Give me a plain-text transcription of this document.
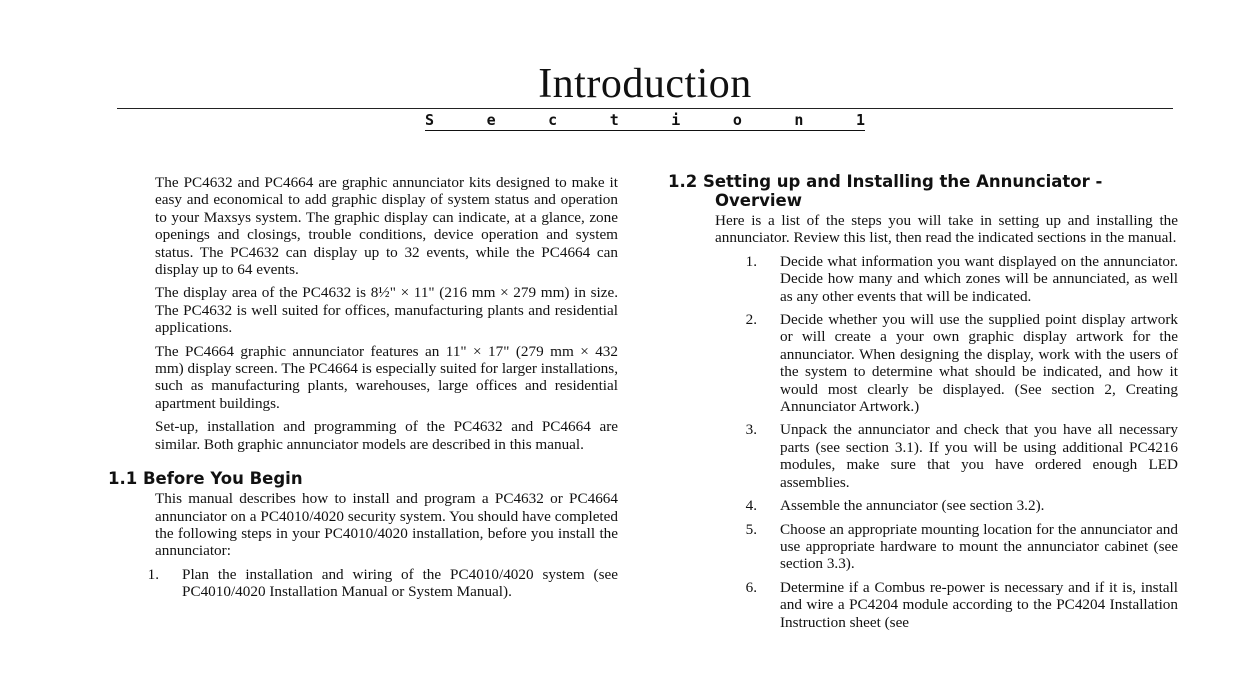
Introduction
S	e	c	t	i	o	n	1

The PC4632 and PC4664 are graphic annunciator kits designed to make it easy and economical to add graphic display of system status and operation to your Maxsys system. The graphic display can indicate, at a glance, zone openings and closings, trouble conditions, device operation and system status. The PC4632 can display up to 32 events, while the PC4664 can display up to 64 events.

The display area of the PC4632 is 8½" × 11" (216 mm × 279 mm) in size. The PC4632 is well suited for offices, manufacturing plants and residential applications.

The PC4664 graphic annunciator features an 11" × 17" (279 mm × 432 mm) display screen. The PC4664 is especially suited for larger installations, such as manufacturing plants, warehouses, large offices and residential apartment buildings.

Set-up, installation and programming of the PC4632 and PC4664 are similar. Both graphic annunciator models are described in this manual.

1.1 Before You Begin

This manual describes how to install and program a PC4632 or PC4664 annunciator on a PC4010/4020 security system. You should have completed the following steps in your PC4010/4020 installation, before you install the annunciator:

1. Plan the installation and wiring of the PC4010/4020 system (see PC4010/4020 Installation Manual or System Manual).
1.2 Setting up and Installing the Annunciator - Overview

Here is a list of the steps you will take in setting up and installing the annunciator. Review this list, then read the indicated sections in the manual.

1. Decide what information you want displayed on the annunciator. Decide how many and which zones will be annunciated, as well as any other events that will be indicated.
2. Decide whether you will use the supplied point display artwork or will create a your own graphic display artwork for the annunciator. When designing the display, work with the users of the system to determine what should be indicated, and how it would most clearly be displayed. (See section 2, Creating Annunciator Artwork.)
3. Unpack the annunciator and check that you have all necessary parts (see section 3.1). If you will be using additional PC4216 modules, make sure that you have ordered enough LED assemblies.
4. Assemble the annunciator (see section 3.2).
5. Choose an appropriate mounting location for the annunciator and use appropriate hardware to mount the annunciator cabinet (see section 3.3).
6. Determine if a Combus re-power is necessary and if it is, install and wire a PC4204 module according to the PC4204 Installation Instruction sheet (see
